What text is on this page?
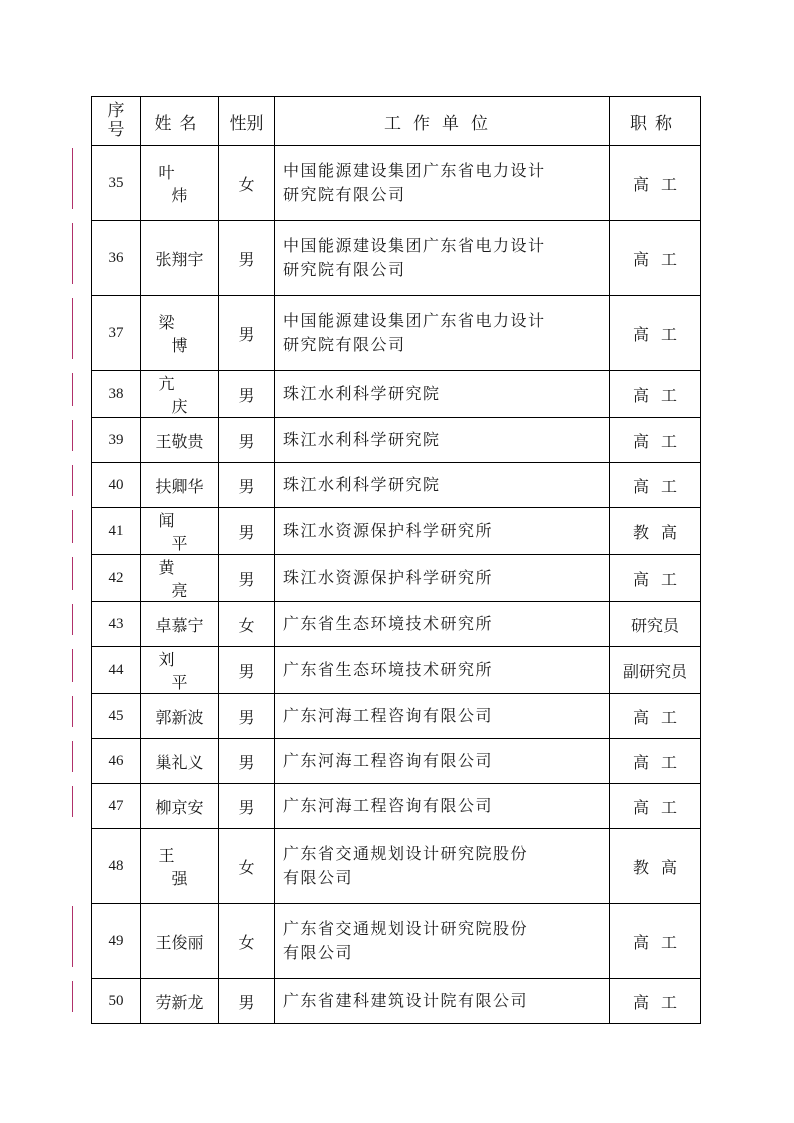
序
号	姓名	性别	工作单位	职称
35	叶炜	女	中国能源建设集团广东省电力设计
研究院有限公司	高工
36	张翔宇	男	中国能源建设集团广东省电力设计
研究院有限公司	高工
37	梁博	男	中国能源建设集团广东省电力设计
研究院有限公司	高工
38	亢庆	男	珠江水利科学研究院	高工
39	王敬贵	男	珠江水利科学研究院	高工
40	扶卿华	男	珠江水利科学研究院	高工
41	闻平	男	珠江水资源保护科学研究所	教高
42	黄亮	男	珠江水资源保护科学研究所	高工
43	卓慕宁	女	广东省生态环境技术研究所	研究员
44	刘平	男	广东省生态环境技术研究所	副研究员
45	郭新波	男	广东河海工程咨询有限公司	高工
46	巢礼义	男	广东河海工程咨询有限公司	高工
47	柳京安	男	广东河海工程咨询有限公司	高工
48	王强	女	广东省交通规划设计研究院股份
有限公司	教高
49	王俊丽	女	广东省交通规划设计研究院股份
有限公司	高工
50	劳新龙	男	广东省建科建筑设计院有限公司	高工
